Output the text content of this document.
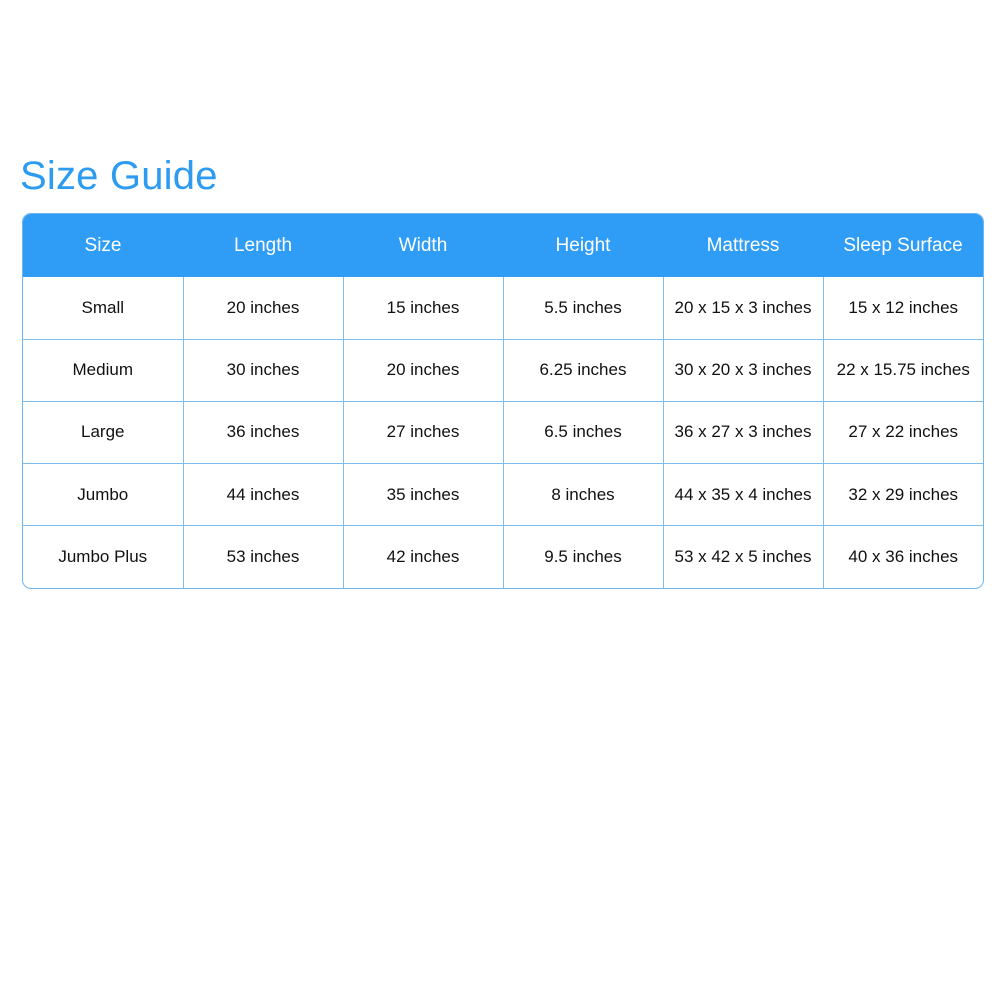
Size Guide
Size	Length	Width	Height	Mattress	Sleep Surface
Small	20 inches	15 inches	5.5 inches	20 x 15 x 3 inches	15 x 12 inches
Medium	30 inches	20 inches	6.25 inches	30 x 20 x 3 inches	22 x 15.75 inches
Large	36 inches	27 inches	6.5 inches	36 x 27 x 3 inches	27 x 22 inches
Jumbo	44 inches	35 inches	8 inches	44 x 35 x 4 inches	32 x 29 inches
Jumbo Plus	53 inches	42 inches	9.5 inches	53 x 42 x 5 inches	40 x 36 inches
